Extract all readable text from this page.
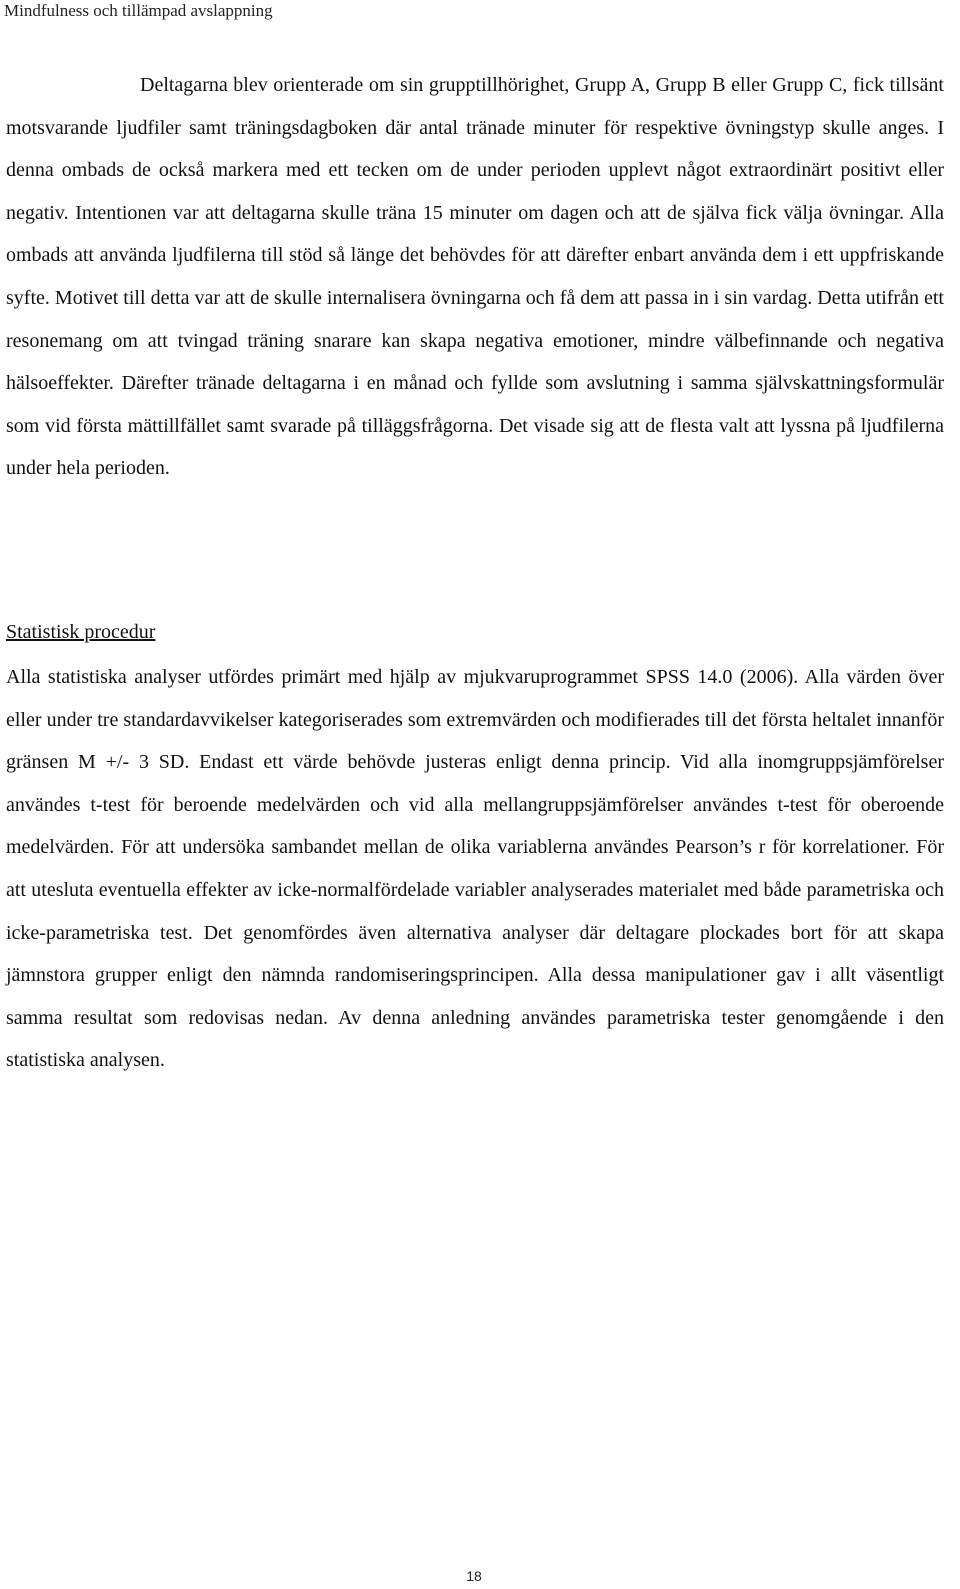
Mindfulness och tillämpad avslappning

Deltagarna blev orienterade om sin grupptillhörighet, Grupp A, Grupp B eller Grupp C, fick tillsänt motsvarande ljudfiler samt träningsdagboken där antal tränade minuter för respektive övningstyp skulle anges. I denna ombads de också markera med ett tecken om de under perioden upplevt något extraordinärt positivt eller negativ. Intentionen var att deltagarna skulle träna 15 minuter om dagen och att de själva fick välja övningar. Alla ombads att använda ljudfilerna till stöd så länge det behövdes för att därefter enbart använda dem i ett uppfriskande syfte. Motivet till detta var att de skulle internalisera övningarna och få dem att passa in i sin vardag. Detta utifrån ett resonemang om att tvingad träning snarare kan skapa negativa emotioner, mindre välbefinnande och negativa hälsoeffekter. Därefter tränade deltagarna i en månad och fyllde som avslutning i samma självskattningsformulär som vid första mättillfället samt svarade på tilläggsfrågorna. Det visade sig att de flesta valt att lyssna på ljudfilerna under hela perioden.

Statistisk procedur

Alla statistiska analyser utfördes primärt med hjälp av mjukvaruprogrammet SPSS 14.0 (2006). Alla värden över eller under tre standardavvikelser kategoriserades som extremvärden och modifierades till det första heltalet innanför gränsen M +/- 3 SD. Endast ett värde behövde justeras enligt denna princip. Vid alla inomgruppsjämförelser användes t-test för beroende medelvärden och vid alla mellangruppsjämförelser användes t-test för oberoende medelvärden. För att undersöka sambandet mellan de olika variablerna användes Pearson’s r för korrelationer. För att utesluta eventuella effekter av icke-normalfördelade variabler analyserades materialet med både parametriska och icke-parametriska test. Det genomfördes även alternativa analyser där deltagare plockades bort för att skapa jämnstora grupper enligt den nämnda randomiseringsprincipen. Alla dessa manipulationer gav i allt väsentligt samma resultat som redovisas nedan. Av denna anledning användes parametriska tester genomgående i den statistiska analysen.

18
